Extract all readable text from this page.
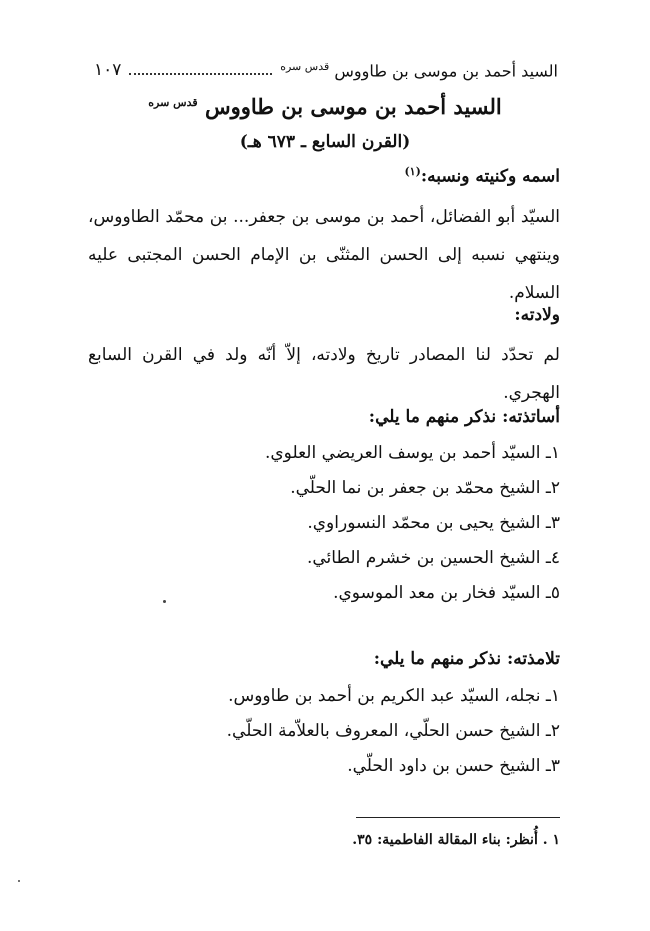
السيد أحمد بن موسى بن طاووس $^{قدس سره}$
١٠٧
السيد أحمد بن موسى بن طاووس $^{قدس سره}$
(القرن السابع ـ ٦٧٣ هـ)
اسمه وكنيته ونسبه:$^{(١)}$
السيّد أبو الفضائل، أحمد بن موسى بن جعفر... بن محمّد الطاووس، وينتهي نسبه إلى الحسن المثنّى بن الإمام الحسن المجتبى عليه السلام.
ولادته:
لم تحدّد لنا المصادر تاريخ ولادته، إلاّ أنّه ولد في القرن السابع الهجري.
أساتذته: نذكر منهم ما يلي:
١ـ السيّد أحمد بن يوسف العريضي العلوي.
٢ـ الشيخ محمّد بن جعفر بن نما الحلّي.
٣ـ الشيخ يحيى بن محمّد النسوراوي.
٤ـ الشيخ الحسين بن خشرم الطائي.
٥ـ السيّد فخار بن معد الموسوي.
تلامذته: نذكر منهم ما يلي:
١ـ نجله، السيّد عبد الكريم بن أحمد بن طاووس.
٢ـ الشيخ حسن الحلّي، المعروف بالعلاّمة الحلّي.
٣ـ الشيخ حسن بن داود الحلّي.
١ . أُنظر: بناء المقالة الفاطمية: ٣٥.
